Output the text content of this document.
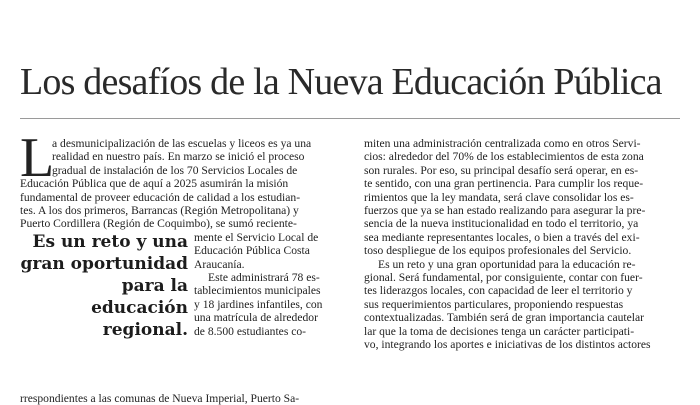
Los desafíos de la Nueva Educación Pública
L
a desmunicipalización de las escuelas y liceos es ya una
realidad en nuestro país. En marzo se inició el proceso
gradual de instalación de los 70 Servicios Locales de
Educación Pública que de aquí a 2025 asumirán la misión
fundamental de proveer educación de calidad a los estudian-
tes. A los dos primeros, Barrancas (Región Metropolitana) y
Puerto Cordillera (Región de Coquimbo), se sumó reciente-
Es un reto y una gran oportunidad para la educación regional.
mente el Servicio Local de
Educación Pública Costa
Araucanía.
Este administrará 78 es-
tablecimientos municipales
y 18 jardines infantiles, con
una matrícula de alrededor
de 8.500 estudiantes co-
rrespondientes a las comunas de Nueva Imperial, Puerto Sa-
miten una administración centralizada como en otros Servi-
cios: alrededor del 70% de los establecimientos de esta zona
son rurales. Por eso, su principal desafío será operar, en es-
te sentido, con una gran pertinencia. Para cumplir los reque-
rimientos que la ley mandata, será clave consolidar los es-
fuerzos que ya se han estado realizando para asegurar la pre-
sencia de la nueva institucionalidad en todo el territorio, ya
sea mediante representantes locales, o bien a través del exi-
toso despliegue de los equipos profesionales del Servicio.
Es un reto y una gran oportunidad para la educación re-
gional. Será fundamental, por consiguiente, contar con fuer-
tes liderazgos locales, con capacidad de leer el territorio y
sus requerimientos particulares, proponiendo respuestas
contextualizadas. También será de gran importancia cautelar
lar que la toma de decisiones tenga un carácter participati-
vo, integrando los aportes e iniciativas de los distintos actores
